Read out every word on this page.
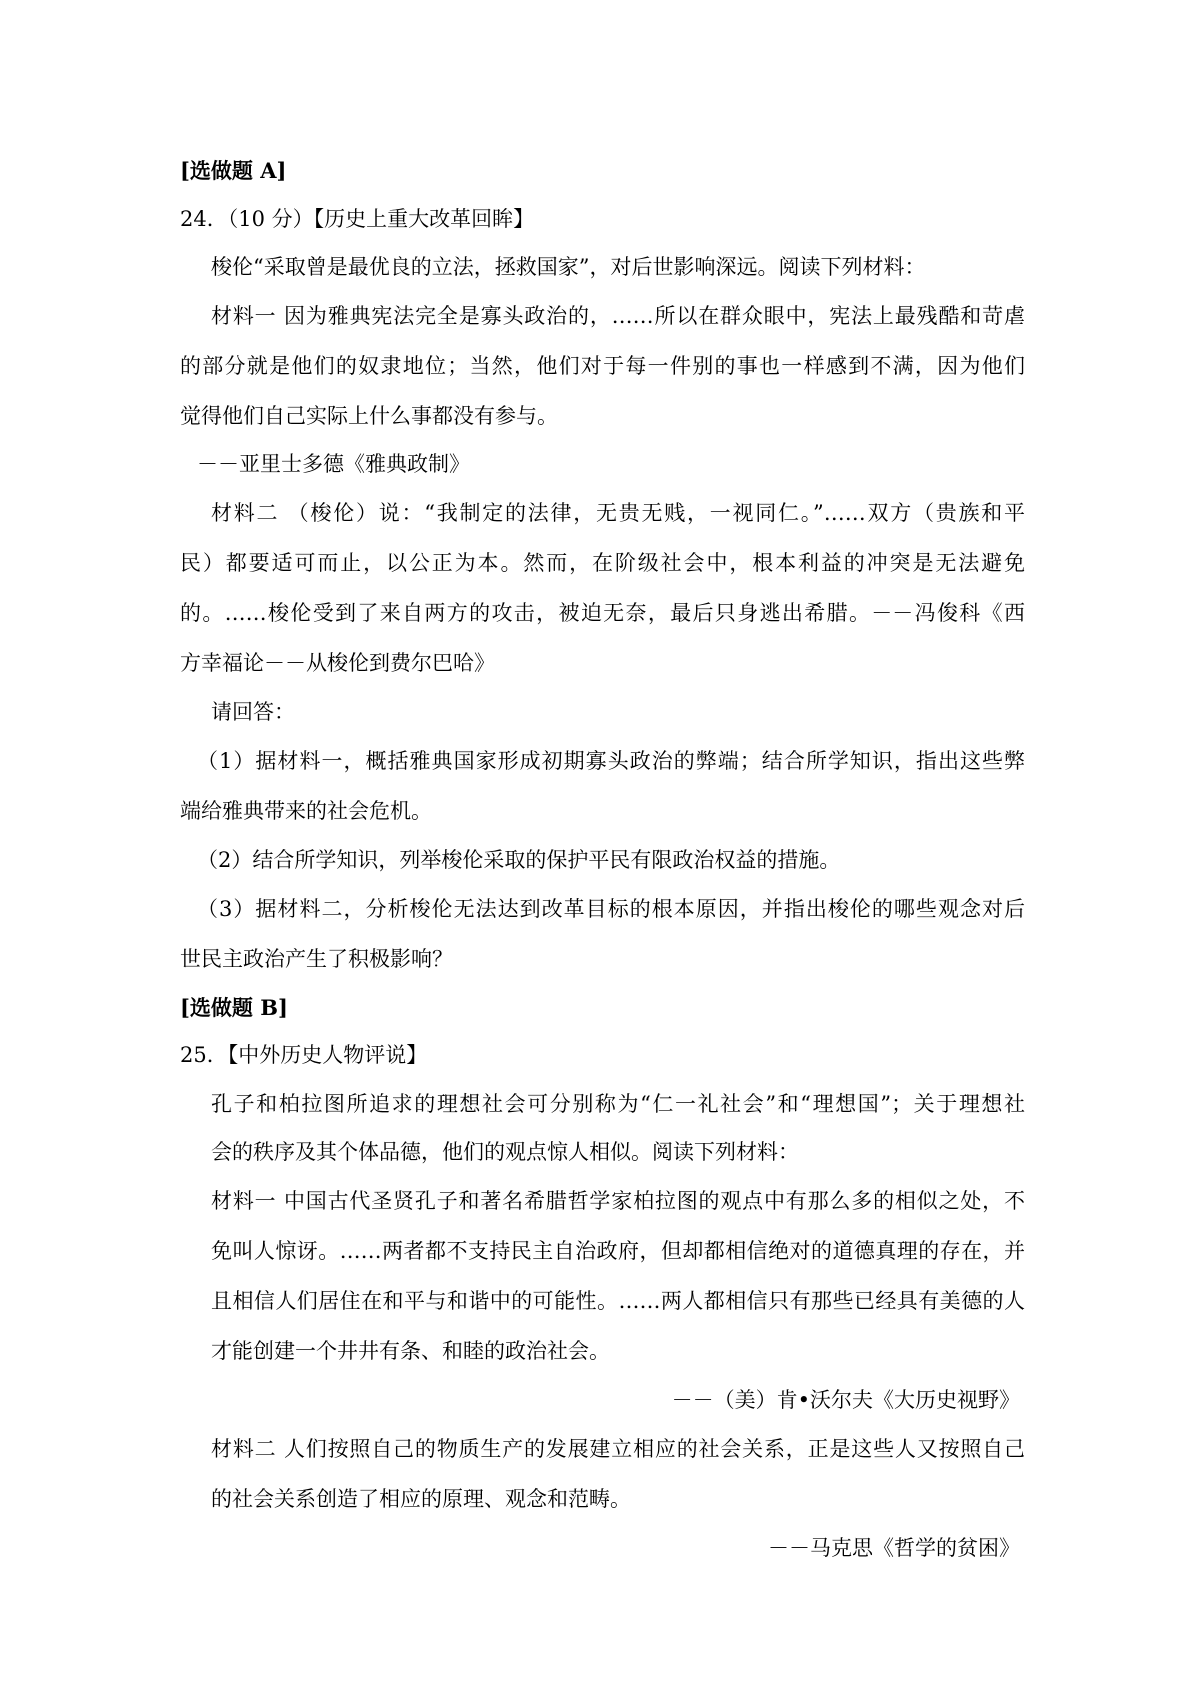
[选做题 A]
24．（10 分）【历史上重大改革回眸】
梭伦“采取曾是最优良的立法，拯救国家”，对后世影响深远。阅读下列材料：
材料一 因为雅典宪法完全是寡头政治的，……所以在群众眼中，宪法上最残酷和苛虐
的部分就是他们的奴隶地位；当然，他们对于每一件别的事也一样感到不满，因为他们
觉得他们自己实际上什么事都没有参与。
－－亚里士多德《雅典政制》
材料二 （梭伦）说：“我制定的法律，无贵无贱，一视同仁。”……双方（贵族和平
民）都要适可而止，以公正为本。然而，在阶级社会中，根本利益的冲突是无法避免
的。……梭伦受到了来自两方的攻击，被迫无奈，最后只身逃出希腊。－－冯俊科《西
方幸福论－－从梭伦到费尔巴哈》
请回答：
（1）据材料一，概括雅典国家形成初期寡头政治的弊端；结合所学知识，指出这些弊
端给雅典带来的社会危机。
（2）结合所学知识，列举梭伦采取的保护平民有限政治权益的措施。
（3）据材料二，分析梭伦无法达到改革目标的根本原因，并指出梭伦的哪些观念对后
世民主政治产生了积极影响？
[选做题 B]
25．【中外历史人物评说】
孔子和柏拉图所追求的理想社会可分别称为“仁一礼社会”和“理想国”；关于理想社
会的秩序及其个体品德，他们的观点惊人相似。阅读下列材料：
材料一 中国古代圣贤孔子和著名希腊哲学家柏拉图的观点中有那么多的相似之处，不
免叫人惊讶。……两者都不支持民主自治政府，但却都相信绝对的道德真理的存在，并
且相信人们居住在和平与和谐中的可能性。……两人都相信只有那些已经具有美德的人
才能创建一个井井有条、和睦的政治社会。
－－（美）肯•沃尔夫《大历史视野》
材料二 人们按照自己的物质生产的发展建立相应的社会关系，正是这些人又按照自己
的社会关系创造了相应的原理、观念和范畴。
－－马克思《哲学的贫困》
